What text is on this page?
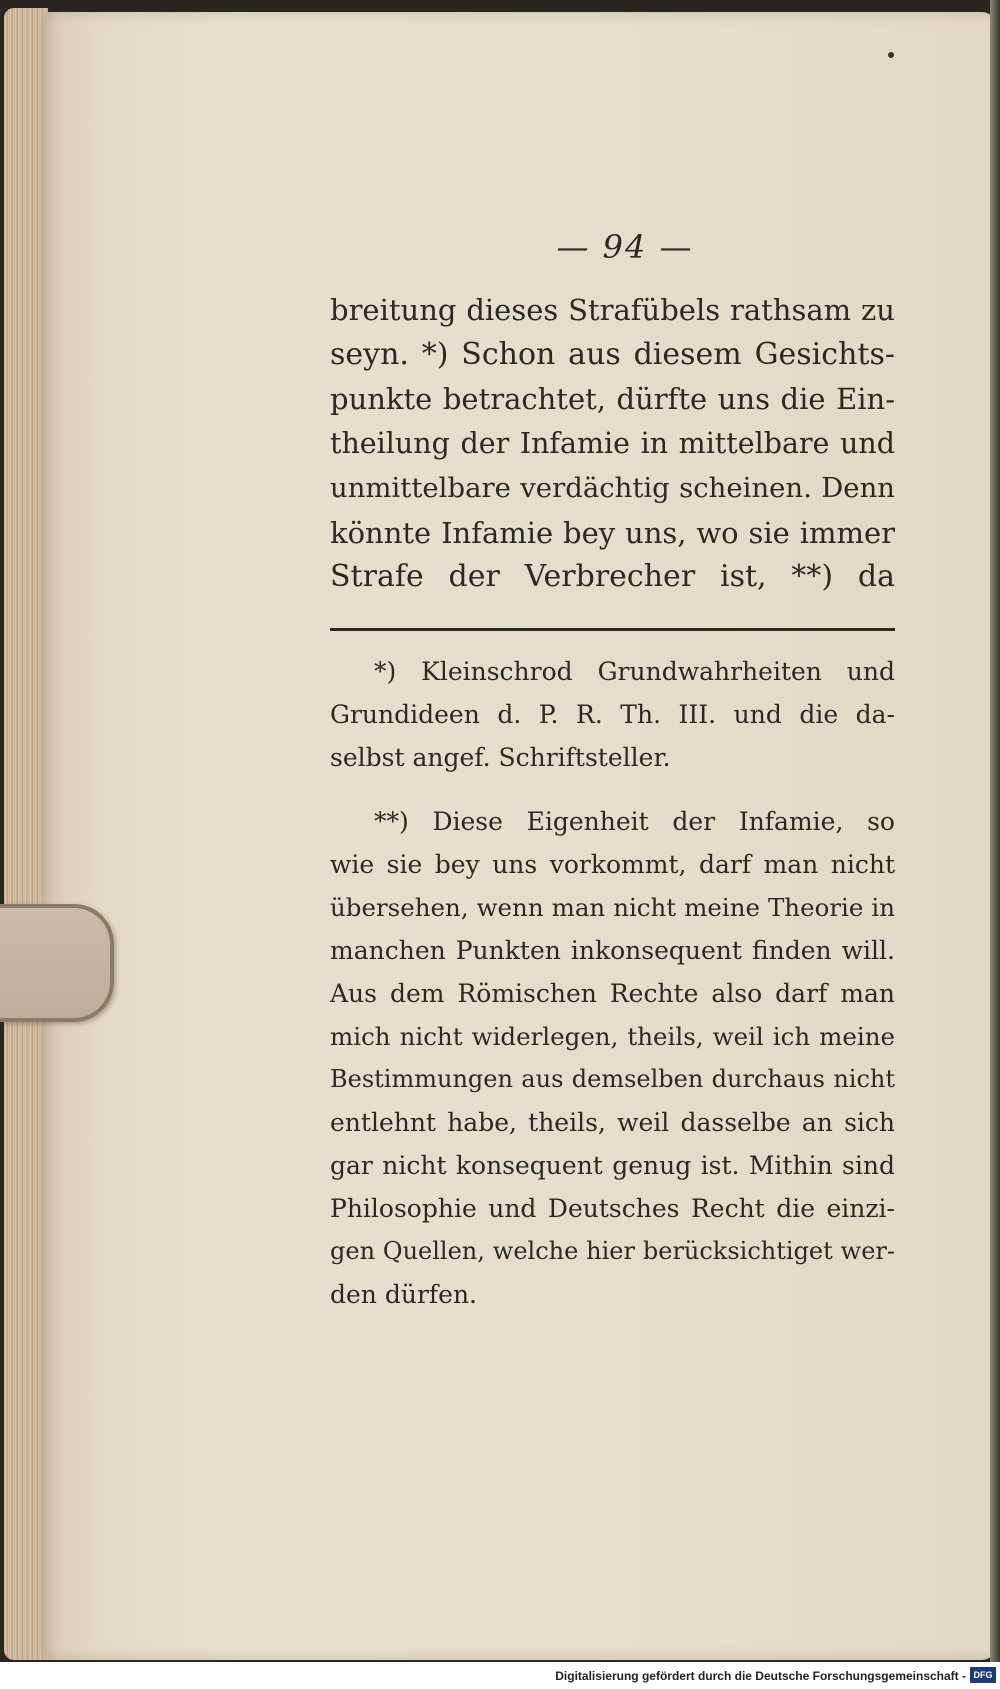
— 94 —
breitung dieses Strafübels rathsam zu
seyn. *) Schon aus diesem Gesichts-
punkte betrachtet, dürfte uns die Ein-
theilung der Infamie in mittelbare und
unmittelbare verdächtig scheinen. Denn
könnte Infamie bey uns, wo sie immer
Strafe der Verbrecher ist, **) da
*) Kleinschrod Grundwahrheiten und
Grundideen d. P. R. Th. III. und die da-
selbst angef. Schriftsteller.
**) Diese Eigenheit der Infamie, so
wie sie bey uns vorkommt, darf man nicht
übersehen, wenn man nicht meine Theorie in
manchen Punkten inkonsequent finden will.
Aus dem Römischen Rechte also darf man
mich nicht widerlegen, theils, weil ich meine
Bestimmungen aus demselben durchaus nicht
entlehnt habe, theils, weil dasselbe an sich
gar nicht konsequent genug ist. Mithin sind
Philosophie und Deutsches Recht die einzi-
gen Quellen, welche hier berücksichtiget wer-
den dürfen.
Digitalisierung gefördert durch die Deutsche Forschungsgemeinschaft - DFG
